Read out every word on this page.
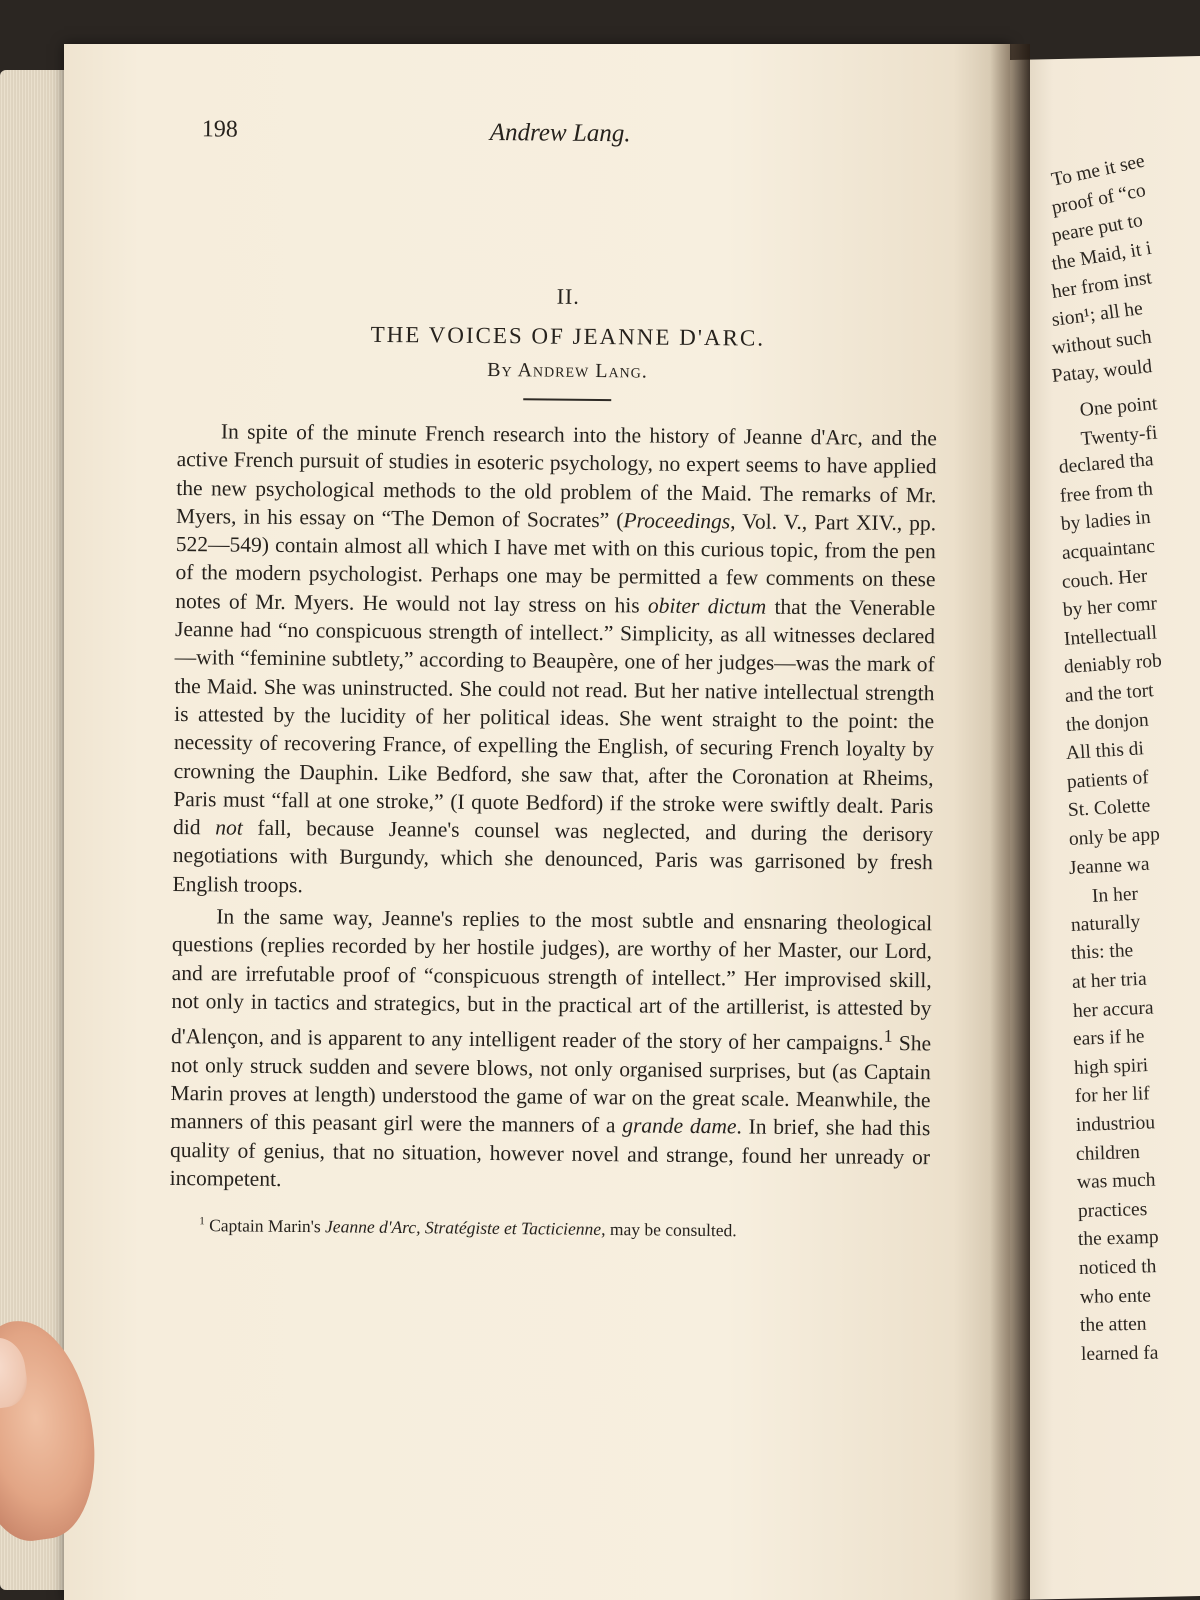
198	Andrew Lang.
II.
THE VOICES OF JEANNE D'ARC.
By Andrew Lang.

In spite of the minute French research into the history of Jeanne d'Arc, and the active French pursuit of studies in esoteric psychology, no expert seems to have applied the new psychological methods to the old problem of the Maid. The remarks of Mr. Myers, in his essay on “The Demon of Socrates” (Proceedings, Vol. V., Part XIV., pp. 522—549) contain almost all which I have met with on this curious topic, from the pen of the modern psychologist. Perhaps one may be permitted a few comments on these notes of Mr. Myers. He would not lay stress on his obiter dictum that the Venerable Jeanne had “no conspicuous strength of intellect.” Simplicity, as all witnesses declared—with “feminine subtlety,” according to Beaupère, one of her judges—was the mark of the Maid. She was uninstructed. She could not read. But her native intellectual strength is attested by the lucidity of her political ideas. She went straight to the point: the necessity of recovering France, of expelling the English, of securing French loyalty by crowning the Dauphin. Like Bedford, she saw that, after the Coronation at Rheims, Paris must “fall at one stroke,” (I quote Bedford) if the stroke were swiftly dealt. Paris did not fall, because Jeanne's counsel was neglected, and during the derisory negotiations with Burgundy, which she denounced, Paris was garrisoned by fresh English troops.

In the same way, Jeanne's replies to the most subtle and ensnaring theological questions (replies recorded by her hostile judges), are worthy of her Master, our Lord, and are irrefutable proof of “conspicuous strength of intellect.” Her improvised skill, not only in tactics and strategics, but in the practical art of the artillerist, is attested by d'Alençon, and is apparent to any intelligent reader of the story of her campaigns.$^1$ She not only struck sudden and severe blows, not only organised surprises, but (as Captain Marin proves at length) understood the game of war on the great scale. Meanwhile, the manners of this peasant girl were the manners of a grande dame. In brief, she had this quality of genius, that no situation, however novel and strange, found her unready or incompetent.

$^1$ Captain Marin's Jeanne d'Arc, Stratégiste et Tacticienne, may be consulted.
To me it see
proof of “co
peare put to
the Maid, it i
her from inst
sion¹; all he
without such
Patay, would
One point
Twenty-fi
declared tha
free from th
by ladies in
acquaintanc
couch. Her
by her comr
Intellectuall
deniably rob
and the tort
the donjon
All this di
patients of
St. Colette
only be app
Jeanne wa
In her
naturally
this: the
at her tria
her accura
ears if he
high spiri
for her lif
industriou
children
was much
practices
the examp
noticed th
who ente
the atten
learned fa
